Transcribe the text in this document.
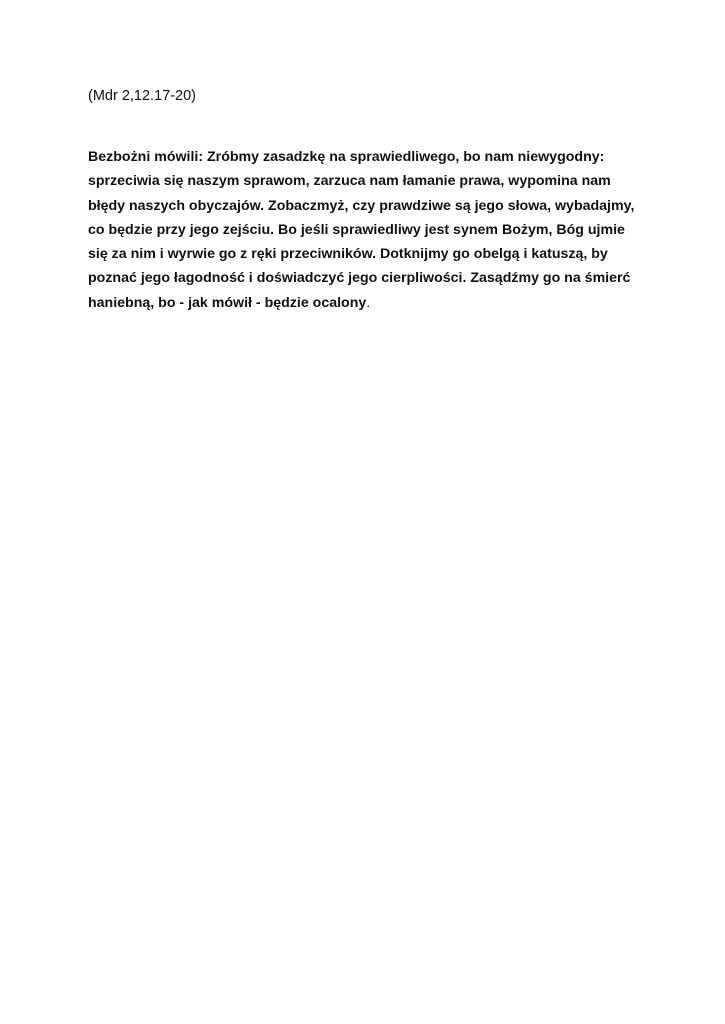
(Mdr 2,12.17-20)

Bezbożni mówili: Zróbmy zasadzkę na sprawiedliwego, bo nam niewygodny: sprzeciwia się naszym sprawom, zarzuca nam łamanie prawa, wypomina nam błędy naszych obyczajów. Zobaczmyż, czy prawdziwe są jego słowa, wybadajmy, co będzie przy jego zejściu. Bo jeśli sprawiedliwy jest synem Bożym, Bóg ujmie się za nim i wyrwie go z ręki przeciwników. Dotknijmy go obelgą i katuszą, by poznać jego łagodność i doświadczyć jego cierpliwości. Zasądźmy go na śmierć haniebną, bo - jak mówił - będzie ocalony.
